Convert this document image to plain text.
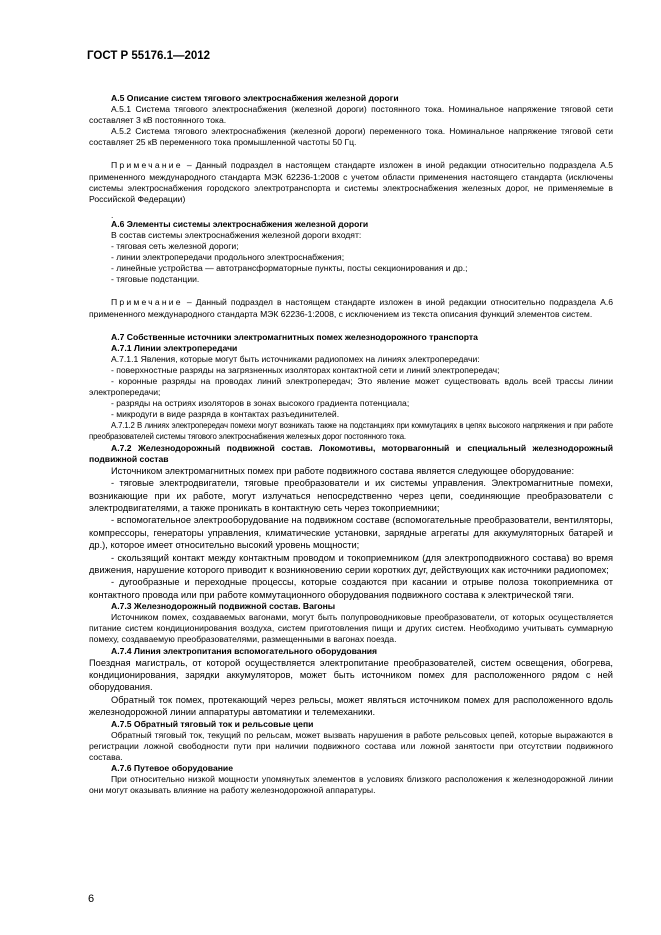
ГОСТ Р 55176.1—2012

А.5 Описание систем тягового электроснабжения железной дороги

А.5.1 Система тягового электроснабжения (железной дороги) постоянного тока. Номинальное напряжение тяговой сети составляет 3 кВ постоянного тока.

А.5.2 Система тягового электроснабжения (железной дороги) переменного тока. Номинальное напряжение тяговой сети составляет 25 кВ переменного тока промышленной частоты 50 Гц.

Примечание – Данный подраздел в настоящем стандарте изложен в иной редакции относительно подраздела А.5 примененного международного стандарта МЭК 62236-1:2008 с учетом области применения настоящего стандарта (исключены системы электроснабжения городского электротранспорта и системы электроснабжения железных дорог, не применяемые в Российской Федерации)

.

А.6 Элементы системы электроснабжения железной дороги

В состав системы электроснабжения железной дороги входят:

- тяговая сеть железной дороги;

- линии электропередачи продольного электроснабжения;

- линейные устройства — автотрансформаторные пункты, посты секционирования и др.;

- тяговые подстанции.

Примечание – Данный подраздел в настоящем стандарте изложен в иной редакции относительно подраздела А.6 примененного международного стандарта МЭК 62236-1:2008, с исключением из текста описания функций элементов систем.

А.7 Собственные источники электромагнитных помех железнодорожного транспорта

А.7.1 Линии электропередачи

А.7.1.1 Явления, которые могут быть источниками радиопомех на линиях электропередачи:

- поверхностные разряды на загрязненных изоляторах контактной сети и линий электропередач;

- коронные разряды на проводах линий электропередач; Это явление может существовать вдоль всей трассы линии электропередачи;

- разряды на остриях изоляторов в зонах высокого градиента потенциала;

- микродуги в виде разряда в контактах разъединителей.

А.7.1.2 В линиях электропередач помехи могут возникать также на подстанциях при коммутациях в цепях высокого напряжения и при работе преобразователей системы тягового электроснабжения железных дорог постоянного тока.

А.7.2 Железнодорожный подвижной состав. Локомотивы, моторвагонный и специальный железнодорожный подвижной состав

Источником электромагнитных помех при работе подвижного состава является следующее оборудование:

- тяговые электродвигатели, тяговые преобразователи и их системы управления. Электромагнитные помехи, возникающие при их работе, могут излучаться непосредственно через цепи, соединяющие преобразователи с электродвигателями, а также проникать в контактную сеть через токоприемники;

- вспомогательное электрооборудование на подвижном составе (вспомогательные преобразователи, вентиляторы, компрессоры, генераторы управления, климатические установки, зарядные агрегаты для аккумуляторных батарей и др.), которое имеет относительно высокий уровень мощности;

- скользящий контакт между контактным проводом и токоприемником (для электроподвижного состава) во время движения, нарушение которого приводит к возникновению серии коротких дуг, действующих как источники радиопомех;

- дугообразные и переходные процессы, которые создаются при касании и отрыве полоза токоприемника от контактного провода или при работе коммутационного оборудования подвижного состава к электрической тяги.

А.7.3 Железнодорожный подвижной состав. Вагоны

Источником помех, создаваемых вагонами, могут быть полупроводниковые преобразователи, от которых осуществляется питание систем кондиционирования воздуха, систем приготовления пищи и других систем. Необходимо учитывать суммарную помеху, создаваемую преобразователями, размещенными в вагонах поезда.

А.7.4 Линия электропитания вспомогательного оборудования

Поездная магистраль, от которой осуществляется электропитание преобразователей, систем освещения, обогрева, кондиционирования, зарядки аккумуляторов, может быть источником помех для расположенного рядом с ней оборудования.

Обратный ток помех, протекающий через рельсы, может являться источником помех для расположенного вдоль железнодорожной линии аппаратуры автоматики и телемеханики.

А.7.5 Обратный тяговый ток и рельсовые цепи

Обратный тяговый ток, текущий по рельсам, может вызвать нарушения в работе рельсовых цепей, которые выражаются в регистрации ложной свободности пути при наличии подвижного состава или ложной занятости при отсутствии подвижного состава.

А.7.6 Путевое оборудование

При относительно низкой мощности упомянутых элементов в условиях близкого расположения к железнодорожной линии они могут оказывать влияние на работу железнодорожной аппаратуры.

6
